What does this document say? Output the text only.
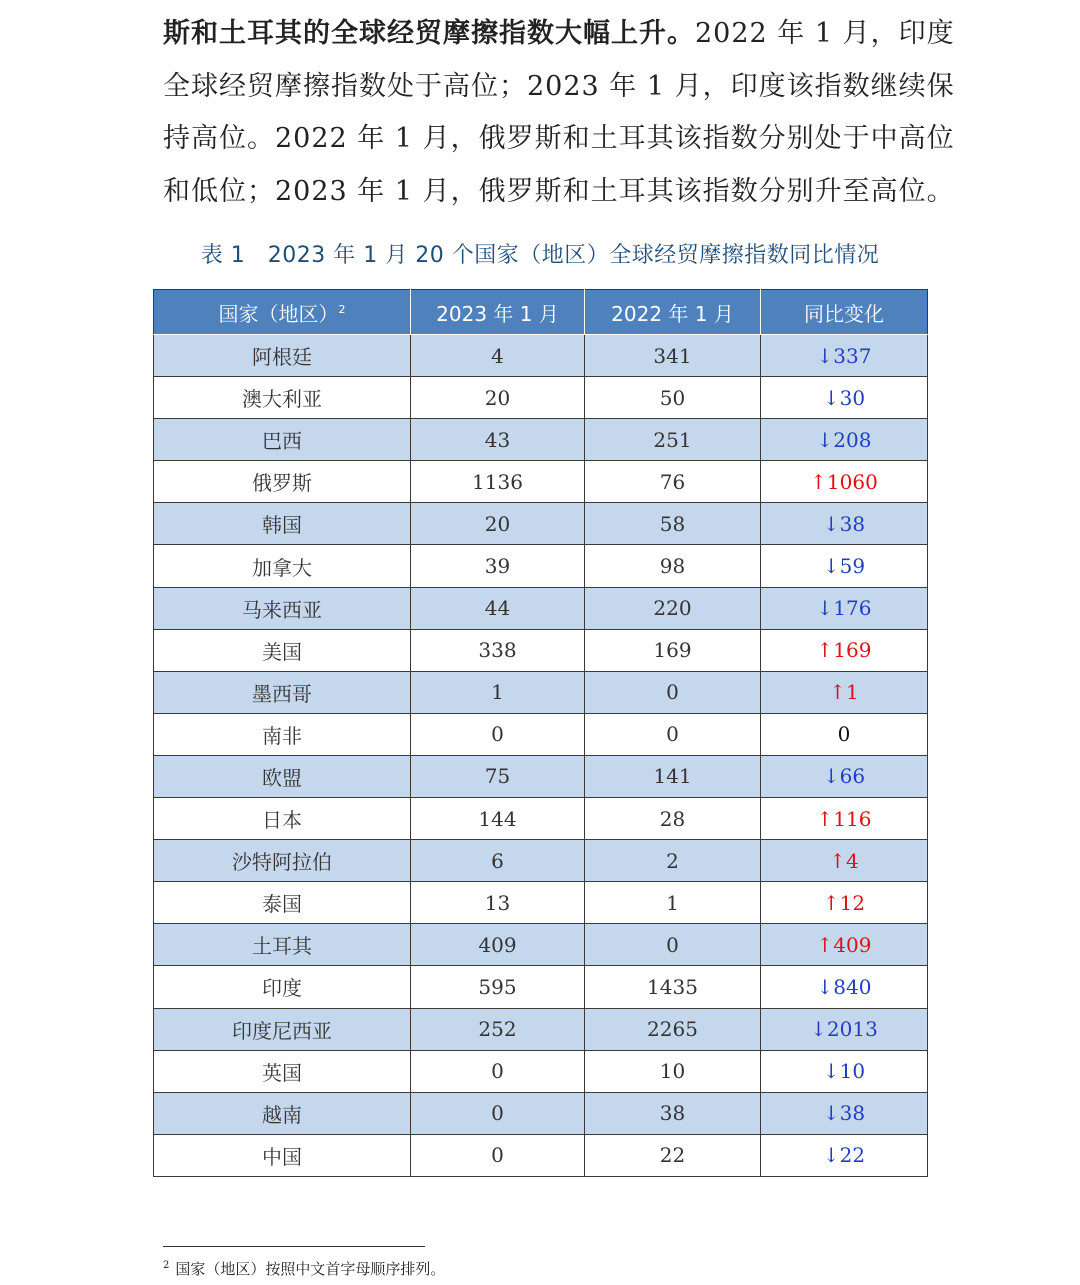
斯和土耳其的全球经贸摩擦指数大幅上升。2022 年 1 月，印度
全球经贸摩擦指数处于高位；2023 年 1 月，印度该指数继续保
持高位。2022 年 1 月，俄罗斯和土耳其该指数分别处于中高位
和低位；2023 年 1 月，俄罗斯和土耳其该指数分别升至高位。
表 1　2023 年 1 月 20 个国家（地区）全球经贸摩擦指数同比情况
国家（地区）$^2$	2023 年 1 月	2022 年 1 月	同比变化
阿根廷	4	341	↓337
澳大利亚	20	50	↓30
巴西	43	251	↓208
俄罗斯	1136	76	↑1060
韩国	20	58	↓38
加拿大	39	98	↓59
马来西亚	44	220	↓176
美国	338	169	↑169
墨西哥	1	0	↑1
南非	0	0	0
欧盟	75	141	↓66
日本	144	28	↑116
沙特阿拉伯	6	2	↑4
泰国	13	1	↑12
土耳其	409	0	↑409
印度	595	1435	↓840
印度尼西亚	252	2265	↓2013
英国	0	10	↓10
越南	0	38	↓38
中国	0	22	↓22
$^2$ 国家（地区）按照中文首字母顺序排列。
